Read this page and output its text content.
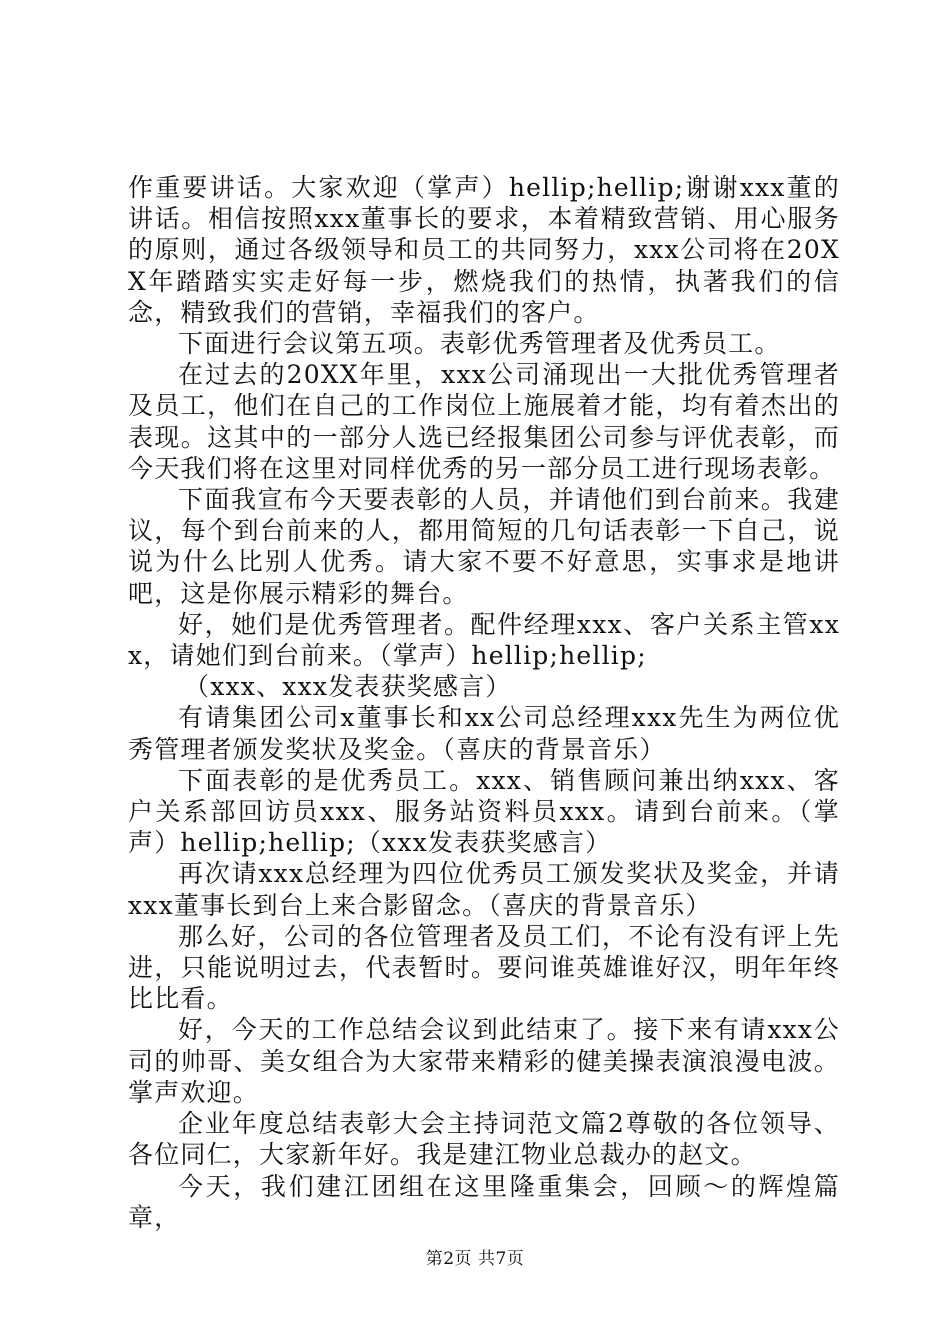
作重要讲话。大家欢迎（掌声）hellip;hellip;谢谢xxx董的讲话。相信按照xxx董事长的要求，本着精致营销、用心服务的原则，通过各级领导和员工的共同努力，xxx公司将在20XX年踏踏实实走好每一步，燃烧我们的热情，执著我们的信念，精致我们的营销，幸福我们的客户。

下面进行会议第五项。表彰优秀管理者及优秀员工。

在过去的20XX年里，xxx公司涌现出一大批优秀管理者及员工，他们在自己的工作岗位上施展着才能，均有着杰出的表现。这其中的一部分人选已经报集团公司参与评优表彰，而今天我们将在这里对同样优秀的另一部分员工进行现场表彰。

下面我宣布今天要表彰的人员，并请他们到台前来。我建议，每个到台前来的人，都用简短的几句话表彰一下自己，说说为什么比别人优秀。请大家不要不好意思，实事求是地讲吧，这是你展示精彩的舞台。

好，她们是优秀管理者。配件经理xxx、客户关系主管xxx，请她们到台前来。（掌声）hellip;hellip;

（xxx、xxx发表获奖感言）

有请集团公司x董事长和xx公司总经理xxx先生为两位优秀管理者颁发奖状及奖金。（喜庆的背景音乐）

下面表彰的是优秀员工。xxx、销售顾问兼出纳xxx、客户关系部回访员xxx、服务站资料员xxx。请到台前来。（掌声）hellip;hellip;（xxx发表获奖感言）

再次请xxx总经理为四位优秀员工颁发奖状及奖金，并请xxx董事长到台上来合影留念。（喜庆的背景音乐）

那么好，公司的各位管理者及员工们，不论有没有评上先进，只能说明过去，代表暂时。要问谁英雄谁好汉，明年年终比比看。

好，今天的工作总结会议到此结束了。接下来有请xxx公司的帅哥、美女组合为大家带来精彩的健美操表演浪漫电波。掌声欢迎。

企业年度总结表彰大会主持词范文篇2尊敬的各位领导、各位同仁，大家新年好。我是建江物业总裁办的赵文。

今天，我们建江团组在这里隆重集会，回顾～的辉煌篇章，

第2页 共7页
